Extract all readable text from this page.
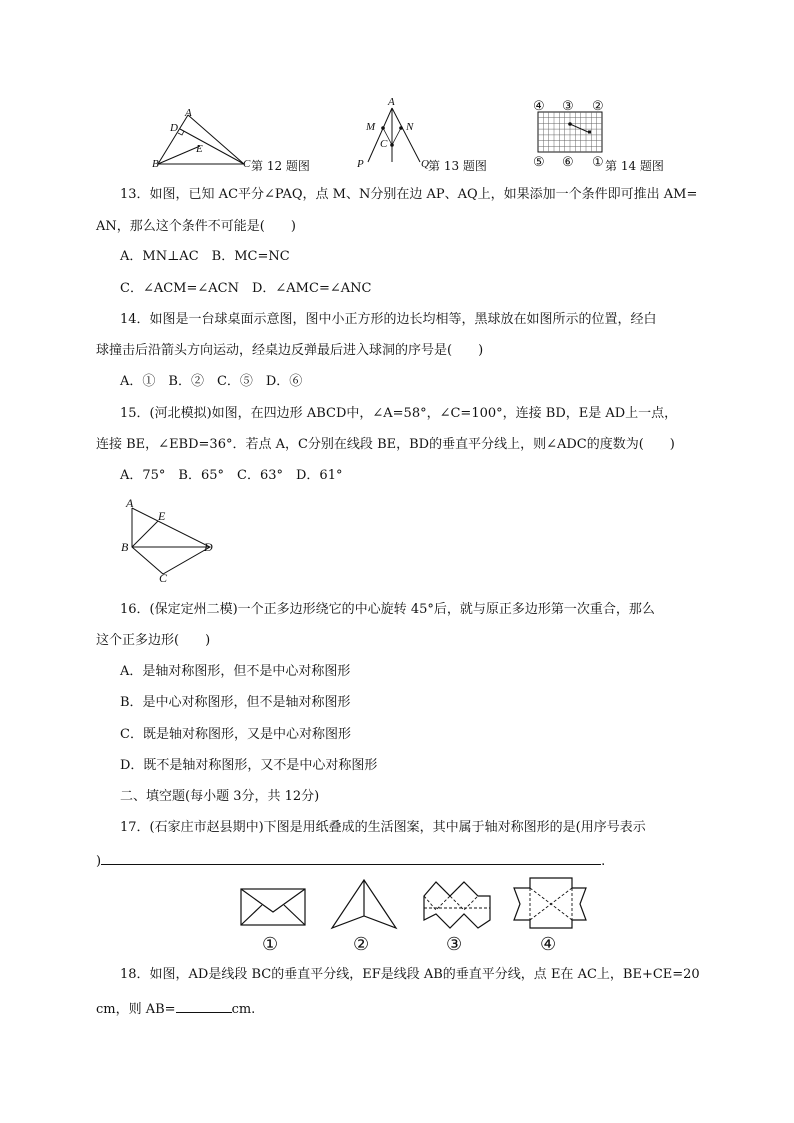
A
D
E
B	C 第 12 题图
A
M	N
C
P	Q 第 13 题图
④ ③ ②
⑤ ⑥ ① 第 14 题图
13．如图，已知 AC平分∠PAQ，点 M、N分别在边 AP、AQ上，如果添加一个条件即可推出 AM=
AN，那么这个条件不可能是(　　)
A．MN⊥AC　B．MC=NC
C．∠ACM=∠ACN　D．∠AMC=∠ANC
14．如图是一台球桌面示意图，图中小正方形的边长均相等，黑球放在如图所示的位置，经白
球撞击后沿箭头方向运动，经桌边反弹最后进入球洞的序号是(　　)
A．①　B．②　C．⑤　D．⑥
15．(河北模拟)如图，在四边形 ABCD中，∠A=58°，∠C=100°，连接 BD，E是 AD上一点，
连接 BE，∠EBD=36°．若点 A，C分别在线段 BE，BD的垂直平分线上，则∠ADC的度数为(　　)
A．75°　B．65°　C．63°　D．61°
A
E
B	D
C
16．(保定定州二模)一个正多边形绕它的中心旋转 45°后，就与原正多边形第一次重合，那么
这个正多边形(　　)
A．是轴对称图形，但不是中心对称图形
B．是中心对称图形，但不是轴对称图形
C．既是轴对称图形，又是中心对称图形
D．既不是轴对称图形，又不是中心对称图形
二、填空题(每小题 3分，共 12分)
17．(石家庄市赵县期中)下图是用纸叠成的生活图案，其中属于轴对称图形的是(用序号表示
)	.
①	②	③	④
18．如图，AD是线段 BC的垂直平分线，EF是线段 AB的垂直平分线，点 E在 AC上，BE+CE=20
cm，则 AB=	cm.
